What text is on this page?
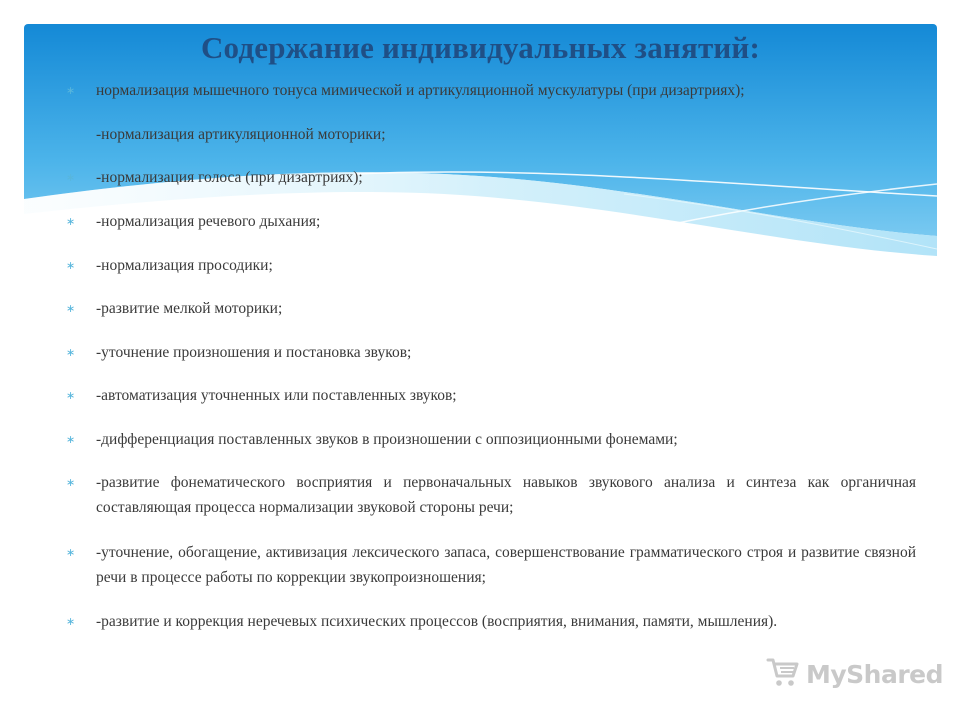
Содержание индивидуальных занятий:
∗ нормализация мышечного тонуса мимической и артикуляционной мускулатуры (при дизартриях);
-нормализация артикуляционной моторики;
∗ -нормализация голоса (при дизартриях);
∗ -нормализация речевого дыхания;
∗ -нормализация просодики;
∗ -развитие мелкой моторики;
∗ -уточнение произношения и постановка звуков;
∗ -автоматизация уточненных или поставленных звуков;
∗ -дифференциация поставленных звуков в произношении с оппозиционными фонемами;
∗ -развитие фонематического восприятия и первоначальных навыков звукового анализа и синтеза как органичная составляющая процесса нормализации звуковой стороны речи;
∗ -уточнение, обогащение, активизация лексического запаса, совершенствование грамматического строя и развитие связной речи в процессе работы по коррекции звукопроизношения;
∗ -развитие и коррекция неречевых психических процессов (восприятия, внимания, памяти, мышления).
MyShared
